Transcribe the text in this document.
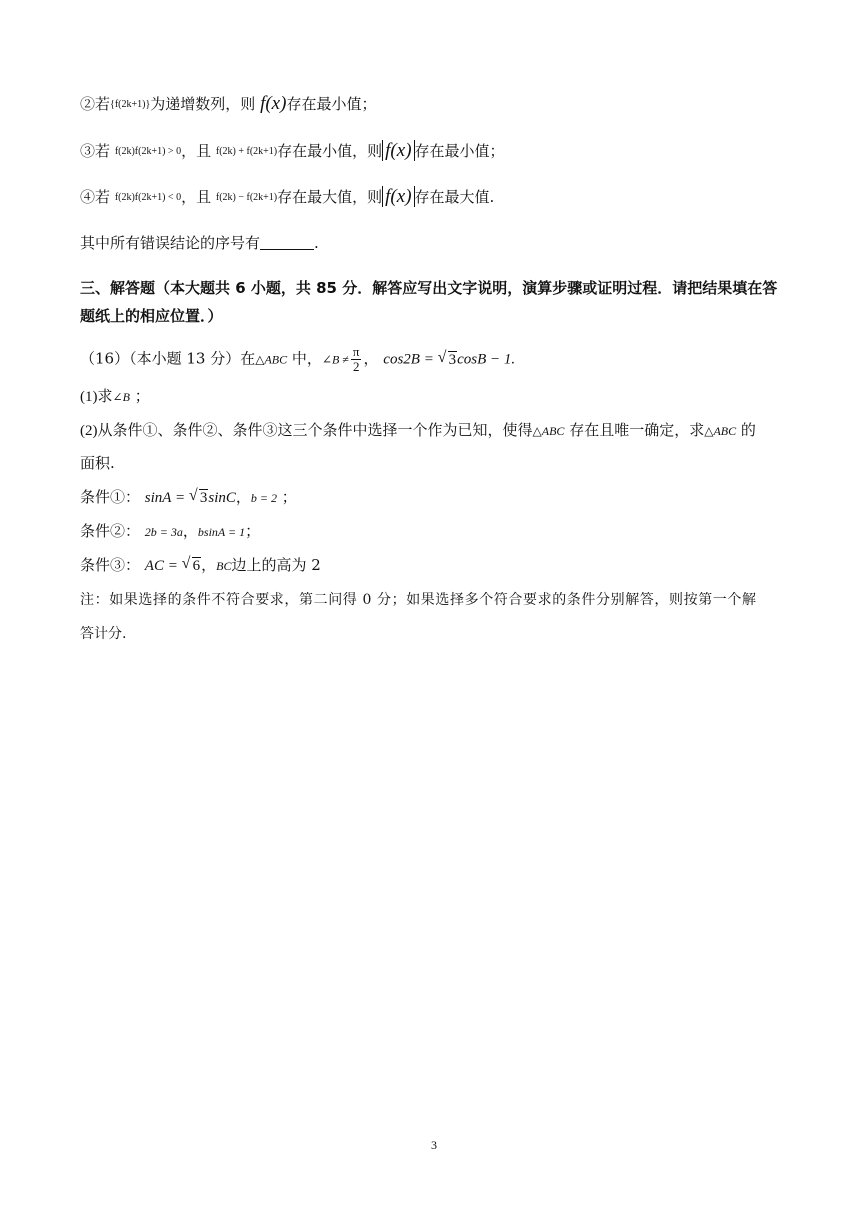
②若{f(2k+1)}为递增数列，则 f(x)存在最小值；
③若 f(2k)f(2k+1) > 0，且 f(2k) + f(2k+1)存在最小值，则 f(x) 存在最小值；
④若 f(2k)f(2k+1) < 0，且 f(2k) − f(2k+1)存在最大值，则 f(x) 存在最大值.
其中所有错误结论的序号有	.
三、解答题（本大题共 6 小题，共 85 分．解答应写出文字说明，演算步骤或证明过程．请把结果填在答
题纸上的相应位置．）
（16）（本小题 13 分）在△ABC 中，∠B ≠ $\frac{\pi}{2}$ ， cos2B = √ 3cosB − 1.
(1)求∠B ；
(2)从条件①、条件②、条件③这三个条件中选择一个作为已知，使得△ABC 存在且唯一确定，求△ABC 的
面积.
条件①： sinA = √ 3sinC，b = 2 ；
条件②： 2b = 3a，bsinA = 1；
条件③： AC = √ 6，BC边上的高为 2
注：如果选择的条件不符合要求，第二问得 0 分；如果选择多个符合要求的条件分别解答，则按第一个解
答计分.
3
